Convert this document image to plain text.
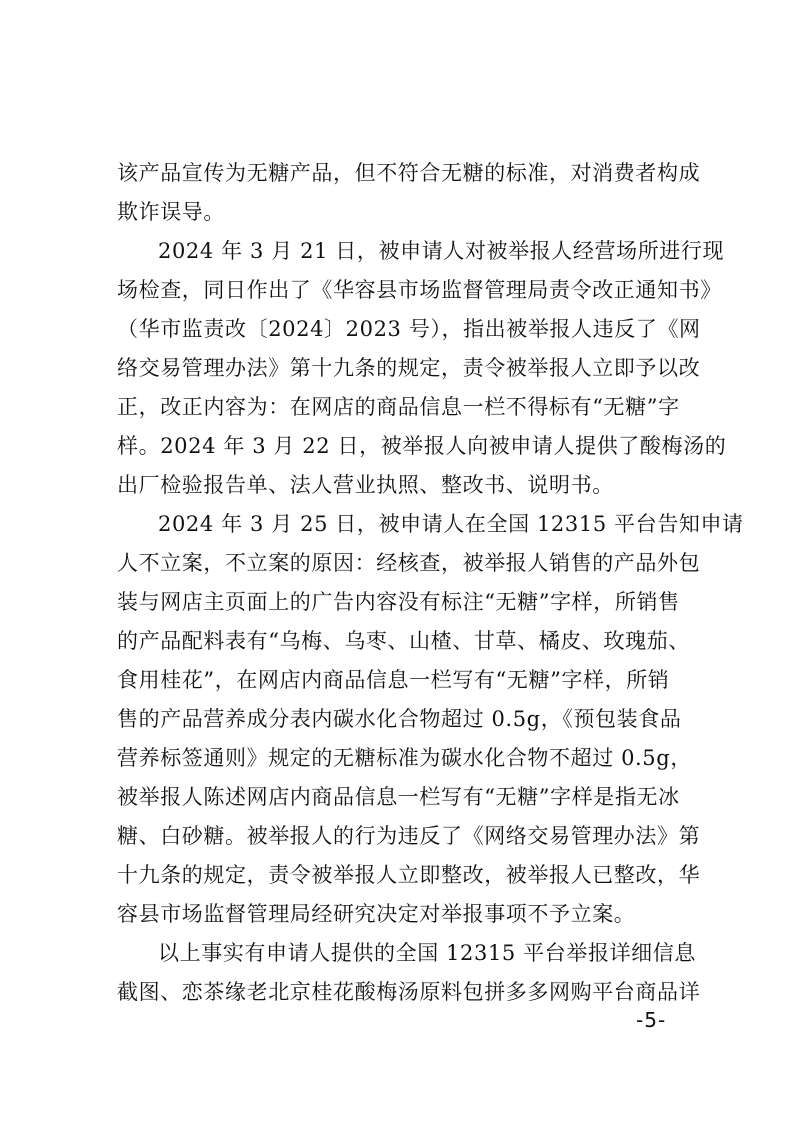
该产品宣传为无糖产品，但不符合无糖的标准，对消费者构成
欺诈误导。
2024 年 3 月 21 日，被申请人对被举报人经营场所进行现
场检查，同日作出了《华容县市场监督管理局责令改正通知书》
（华市监责改〔2024〕2023 号），指出被举报人违反了《网
络交易管理办法》第十九条的规定，责令被举报人立即予以改
正，改正内容为：在网店的商品信息一栏不得标有“无糖”字
样。2024 年 3 月 22 日，被举报人向被申请人提供了酸梅汤的
出厂检验报告单、法人营业执照、整改书、说明书。
2024 年 3 月 25 日，被申请人在全国 12315 平台告知申请
人不立案，不立案的原因：经核查，被举报人销售的产品外包
装与网店主页面上的广告内容没有标注“无糖”字样，所销售
的产品配料表有“乌梅、乌枣、山楂、甘草、橘皮、玫瑰茄、
食用桂花”，在网店内商品信息一栏写有“无糖”字样，所销
售的产品营养成分表内碳水化合物超过 0.5g，《预包装食品
营养标签通则》规定的无糖标准为碳水化合物不超过 0.5g，
被举报人陈述网店内商品信息一栏写有“无糖”字样是指无冰
糖、白砂糖。被举报人的行为违反了《网络交易管理办法》第
十九条的规定，责令被举报人立即整改，被举报人已整改，华
容县市场监督管理局经研究决定对举报事项不予立案。
以上事实有申请人提供的全国 12315 平台举报详细信息
截图、恋茶缘老北京桂花酸梅汤原料包拼多多网购平台商品详
-5-
